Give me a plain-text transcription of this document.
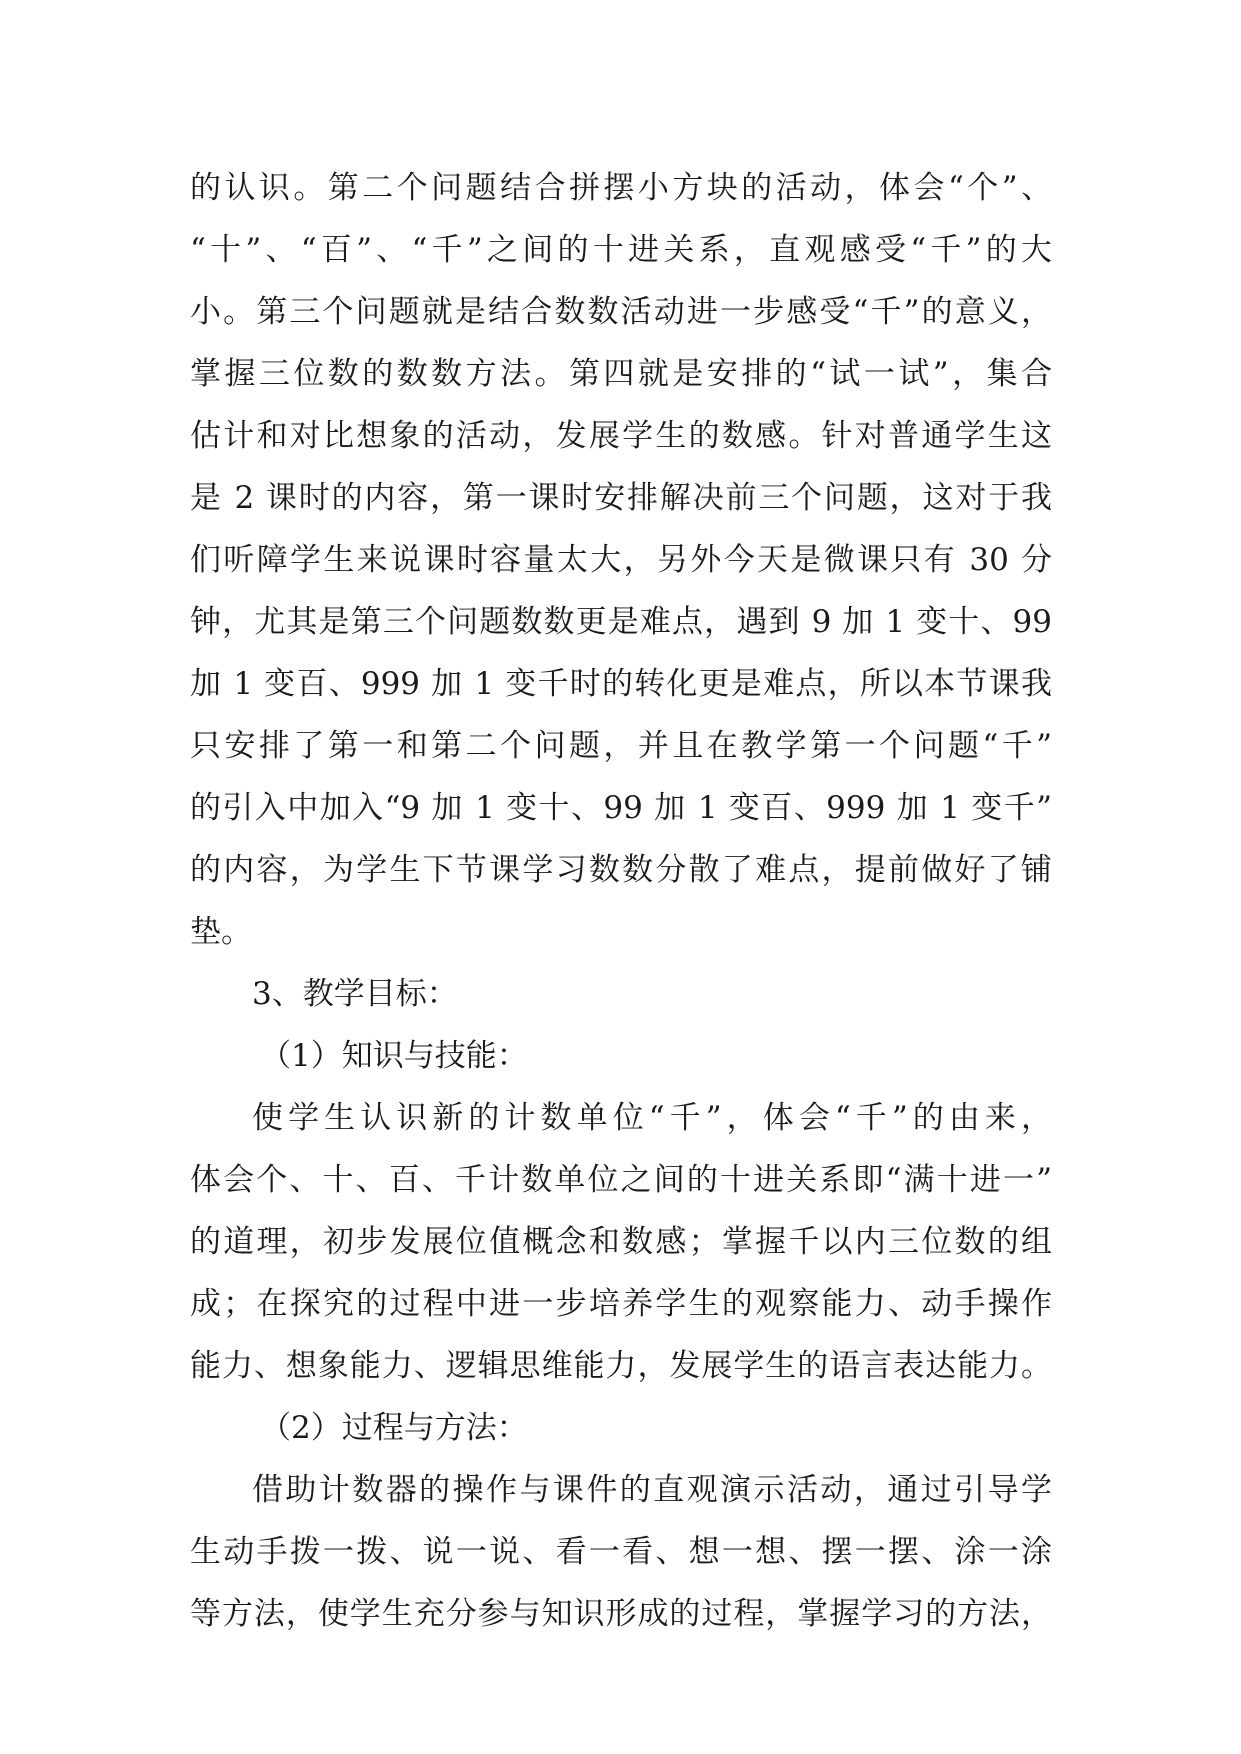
的认识。第二个问题结合拼摆小方块的活动，体会“个”、
“十”、“百”、“千”之间的十进关系，直观感受“千”的大
小。第三个问题就是结合数数活动进一步感受“千”的意义，
掌握三位数的数数方法。第四就是安排的“试一试”，集合
估计和对比想象的活动，发展学生的数感。针对普通学生这
是 2 课时的内容，第一课时安排解决前三个问题，这对于我
们听障学生来说课时容量太大，另外今天是微课只有 30 分
钟，尤其是第三个问题数数更是难点，遇到 9 加 1 变十、99
加 1 变百、999 加 1 变千时的转化更是难点，所以本节课我
只安排了第一和第二个问题，并且在教学第一个问题“千”
的引入中加入“9 加 1 变十、99 加 1 变百、999 加 1 变千”
的内容，为学生下节课学习数数分散了难点，提前做好了铺
垫。
3、教学目标：
（1）知识与技能：
使学生认识新的计数单位“千”，体会“千”的由来，
体会个、十、百、千计数单位之间的十进关系即“满十进一”
的道理，初步发展位值概念和数感；掌握千以内三位数的组
成；在探究的过程中进一步培养学生的观察能力、动手操作
能力、想象能力、逻辑思维能力，发展学生的语言表达能力。
（2）过程与方法：
借助计数器的操作与课件的直观演示活动，通过引导学
生动手拨一拨、说一说、看一看、想一想、摆一摆、涂一涂
等方法，使学生充分参与知识形成的过程，掌握学习的方法，
